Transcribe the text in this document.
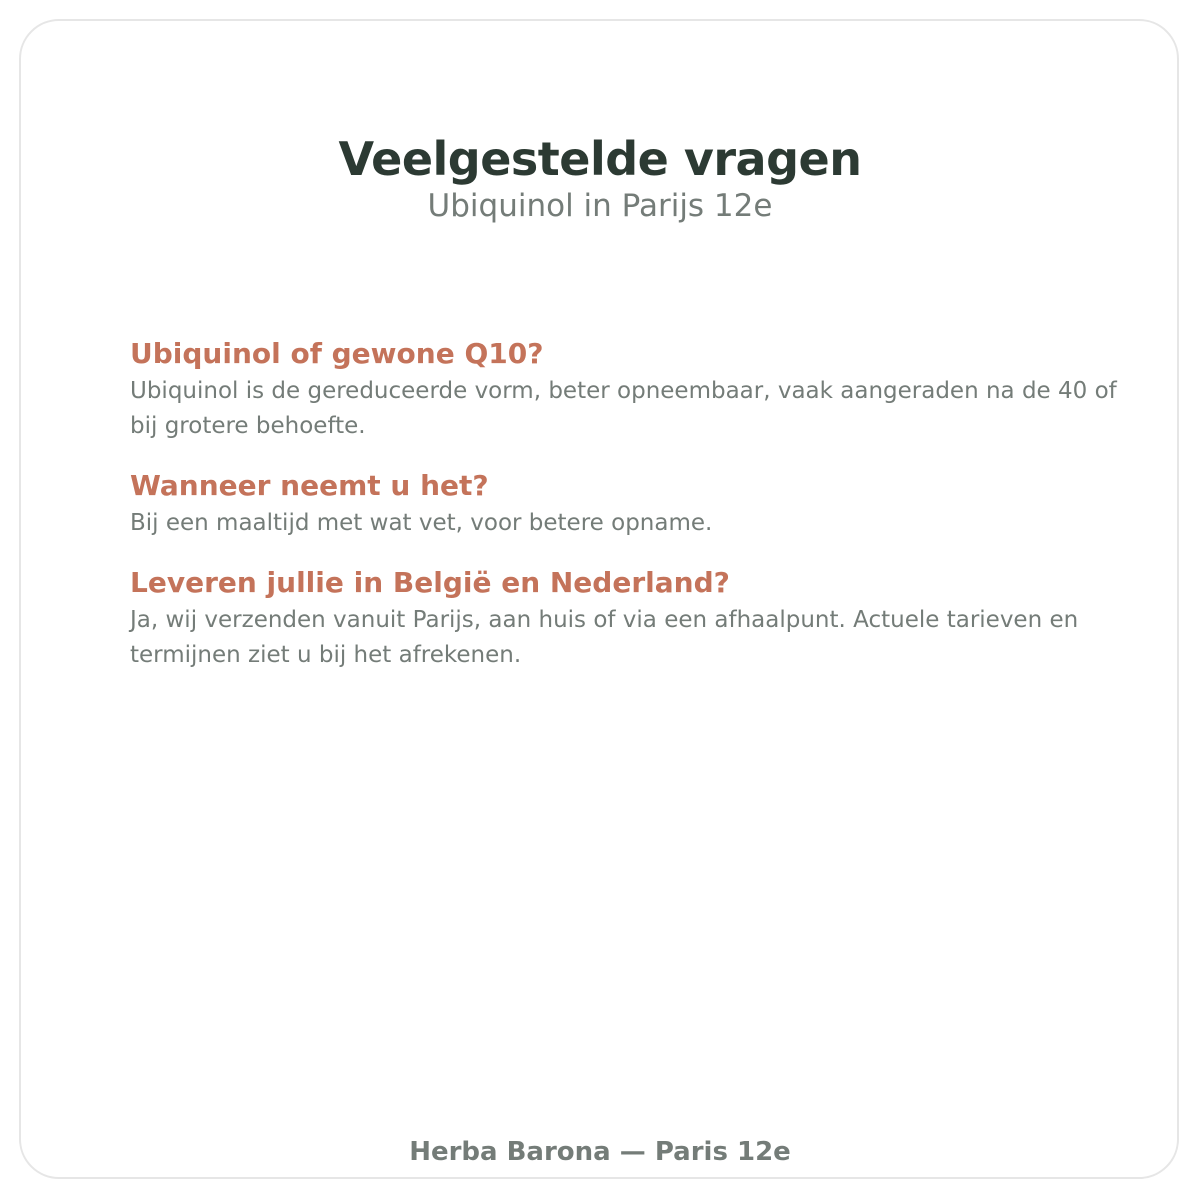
Veelgestelde vragen
Ubiquinol in Parijs 12e
Ubiquinol of gewone Q10?

Ubiquinol is de gereduceerde vorm, beter opneembaar, vaak aangeraden na de 40 of bij grotere behoefte.

Wanneer neemt u het?

Bij een maaltijd met wat vet, voor betere opname.

Leveren jullie in België en Nederland?

Ja, wij verzenden vanuit Parijs, aan huis of via een afhaalpunt. Actuele tarieven en termijnen ziet u bij het afrekenen.

Herba Barona — Paris 12e
